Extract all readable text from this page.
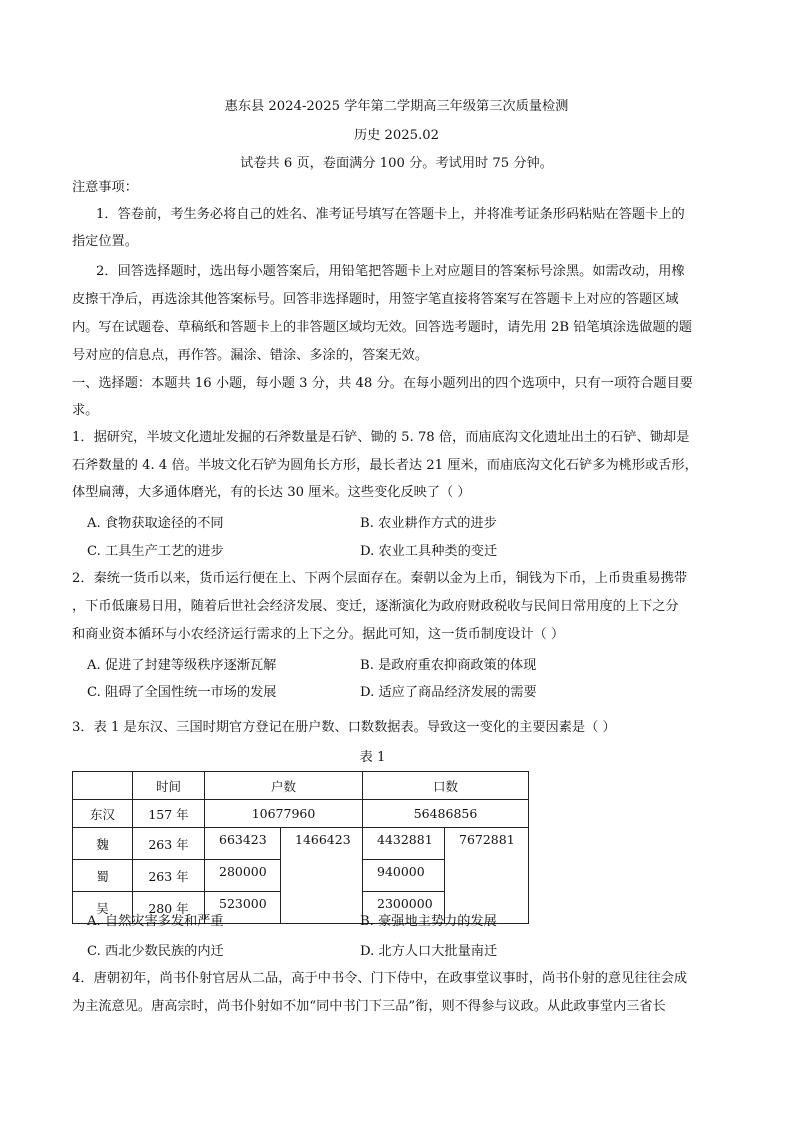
惠东县 2024-2025 学年第二学期高三年级第三次质量检测
历史 2025.02
试卷共 6 页，卷面满分 100 分。考试用时 75 分钟。
注意事项：
1．答卷前，考生务必将自己的姓名、准考证号填写在答题卡上，并将准考证条形码粘贴在答题卡上的
指定位置。
2．回答选择题时，选出每小题答案后，用铅笔把答题卡上对应题目的答案标号涂黑。如需改动，用橡
皮擦干净后，再选涂其他答案标号。回答非选择题时，用签字笔直接将答案写在答题卡上对应的答题区域
内。写在试题卷、草稿纸和答题卡上的非答题区域均无效。回答选考题时，请先用 2B 铅笔填涂选做题的题
号对应的信息点，再作答。漏涂、错涂、多涂的，答案无效。
一、选择题：本题共 16 小题，每小题 3 分，共 48 分。在每小题列出的四个选项中，只有一项符合题目要
求。
1．据研究，半坡文化遗址发掘的石斧数量是石铲、锄的 5. 78 倍，而庙底沟文化遗址出土的石铲、锄却是
石斧数量的 4. 4 倍。半坡文化石铲为圆角长方形，最长者达 21 厘米，而庙底沟文化石铲多为桃形或舌形，
体型扁薄，大多通体磨光，有的长达 30 厘米。这些变化反映了（ ）
A. 食物获取途径的不同	B. 农业耕作方式的进步
C. 工具生产工艺的进步	D. 农业工具种类的变迁
2．秦统一货币以来，货币运行便在上、下两个层面存在。秦朝以金为上币，铜钱为下币，上币贵重易携带
，下币低廉易日用，随着后世社会经济发展、变迁，逐渐演化为政府财政税收与民间日常用度的上下之分
和商业资本循环与小农经济运行需求的上下之分。据此可知，这一货币制度设计（ ）
A. 促进了封建等级秩序逐渐瓦解	B. 是政府重农抑商政策的体现
C. 阻碍了全国性统一市场的发展	D. 适应了商品经济发展的需要
3．表 1 是东汉、三国时期官方登记在册户数、口数数据表。导致这一变化的主要因素是（ ）
表 1
	时间	户数		口数	
东汉	157 年	10677960		56486856	
魏	263 年	663423	1466423	4432881	7672881
蜀	263 年	280000		940000	
吴	280 年	523000		2300000	
A. 自然灾害多发和严重	B. 豪强地主势力的发展
C. 西北少数民族的内迁	D. 北方人口大批量南迁
4．唐朝初年，尚书仆射官居从二品，高于中书令、门下侍中，在政事堂议事时，尚书仆射的意见往往会成
为主流意见。唐高宗时，尚书仆射如不加“同中书门下三品”衔，则不得参与议政。从此政事堂内三省长
